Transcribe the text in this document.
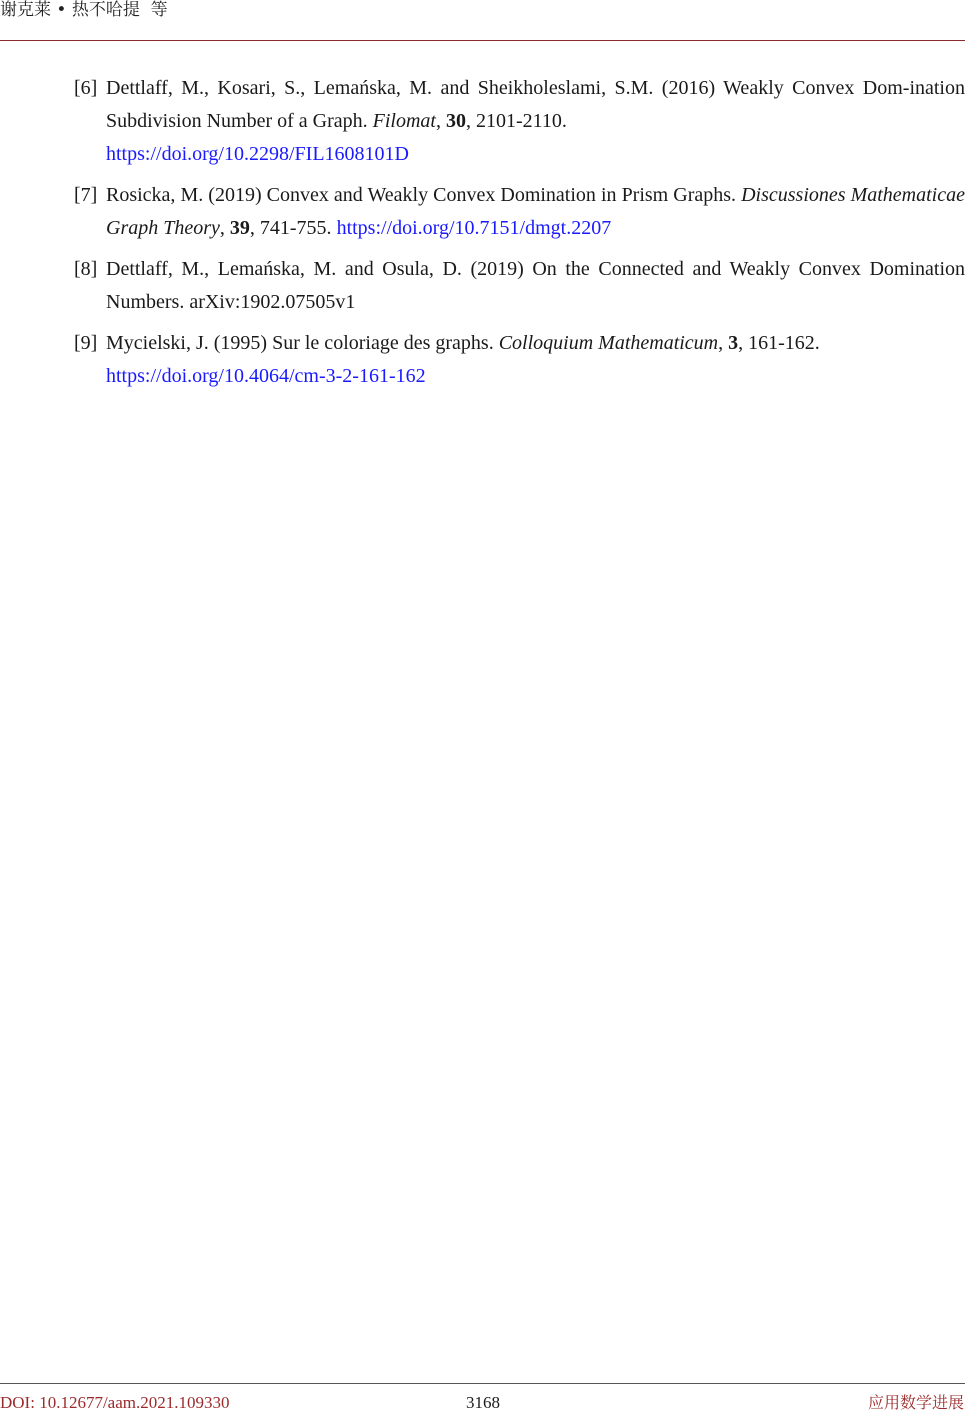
谢克莱 • 热不哈提  等
[6] Dettlaff, M., Kosari, S., Lemańska, M. and Sheikholeslami, S.M. (2016) Weakly Convex Dom-ination Subdivision Number of a Graph. Filomat, 30, 2101-2110.
https://doi.org/10.2298/FIL1608101D
[7] Rosicka, M. (2019) Convex and Weakly Convex Domination in Prism Graphs. Discussiones Mathematicae Graph Theory, 39, 741-755. https://doi.org/10.7151/dmgt.2207
[8] Dettlaff, M., Lemańska, M. and Osula, D. (2019) On the Connected and Weakly Convex Domination Numbers. arXiv:1902.07505v1
[9] Mycielski, J. (1995) Sur le coloriage des graphs. Colloquium Mathematicum, 3, 161-162.
https://doi.org/10.4064/cm-3-2-161-162
DOI: 10.12677/aam.2021.109330	3168	应用数学进展
